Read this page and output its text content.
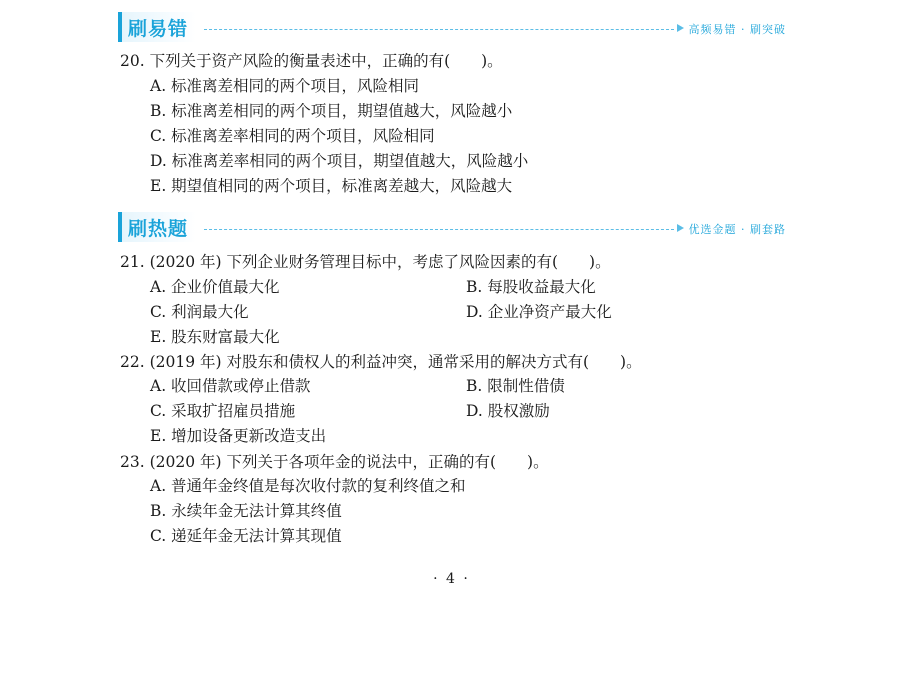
刷易错	高频易错 · 刷突破
20. 下列关于资产风险的衡量表述中，正确的有(　　)。
A. 标准离差相同的两个项目，风险相同
B. 标准离差相同的两个项目，期望值越大，风险越小
C. 标准离差率相同的两个项目，风险相同
D. 标准离差率相同的两个项目，期望值越大，风险越小
E. 期望值相同的两个项目，标准离差越大，风险越大
刷热题	优选金题 · 刷套路
21. (2020 年) 下列企业财务管理目标中，考虑了风险因素的有(　　)。
A. 企业价值最大化	B. 每股收益最大化
C. 利润最大化	D. 企业净资产最大化
E. 股东财富最大化
22. (2019 年) 对股东和债权人的利益冲突，通常采用的解决方式有(　　)。
A. 收回借款或停止借款	B. 限制性借债
C. 采取扩招雇员措施	D. 股权激励
E. 增加设备更新改造支出
23. (2020 年) 下列关于各项年金的说法中，正确的有(　　)。
A. 普通年金终值是每次收付款的复利终值之和
B. 永续年金无法计算其终值
C. 递延年金无法计算其现值
· 4 ·
